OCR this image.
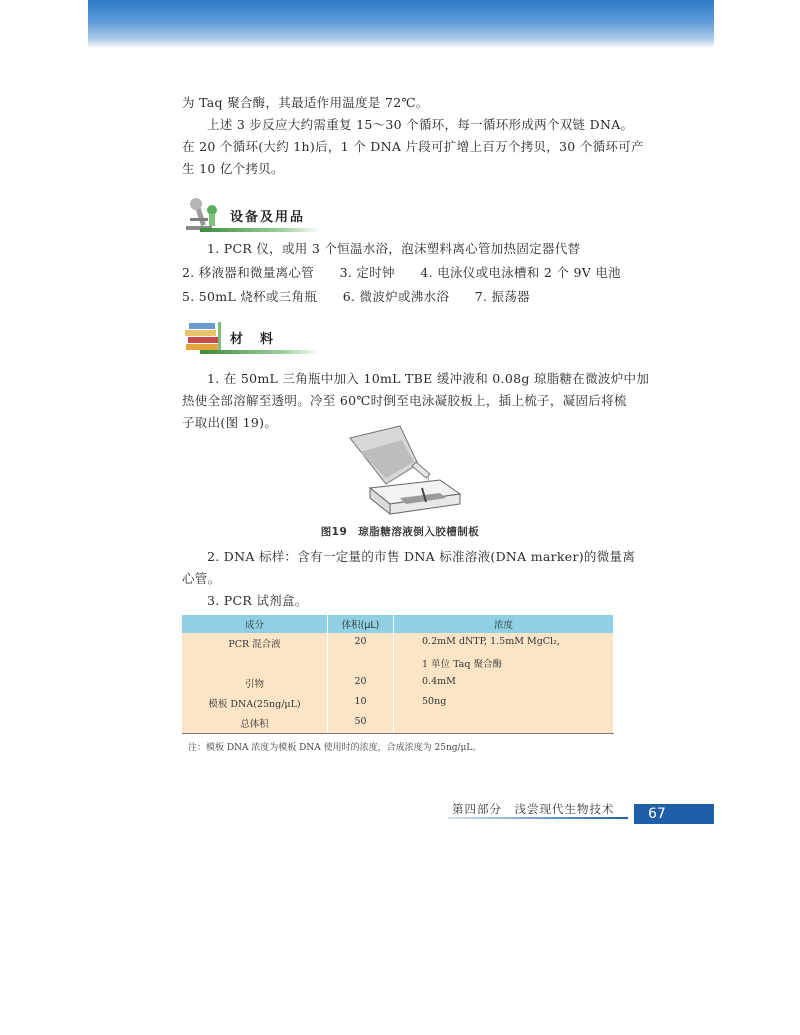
为 Taq 聚合酶，其最适作用温度是 72℃。
上述 3 步反应大约需重复 15～30 个循环，每一循环形成两个双链 DNA。
在 20 个循环(大约 1h)后，1 个 DNA 片段可扩增上百万个拷贝，30 个循环可产
生 10 亿个拷贝。
设备及用品
1. PCR 仪，或用 3 个恒温水浴，泡沫塑料离心管加热固定器代替
2. 移液器和微量离心管　　3. 定时钟　　4. 电泳仪或电泳槽和 2 个 9V 电池
5. 50mL 烧杯或三角瓶　　6. 微波炉或沸水浴　　7. 振荡器
材　料
1. 在 50mL 三角瓶中加入 10mL TBE 缓冲液和 0.08g 琼脂糖在微波炉中加
热使全部溶解至透明。冷至 60℃时倒至电泳凝胶板上，插上梳子，凝固后将梳
子取出(图 19)。
图19　琼脂糖溶液倒入胶槽制板
2. DNA 标样：含有一定量的市售 DNA 标准溶液(DNA marker)的微量离
心管。
3. PCR 试剂盒。
成分	体积(μL)	浓度
PCR 混合液	20	0.2mM dNTP, 1.5mM MgCl₂,
		1 单位 Taq 聚合酶
引物	20	0.4mM
模板 DNA(25ng/μL)	10	50ng
总体积	50	
注：模板 DNA 浓度为模板 DNA 使用时的浓度，合成浓度为 25ng/μL。
第四部分　浅尝现代生物技术	67
